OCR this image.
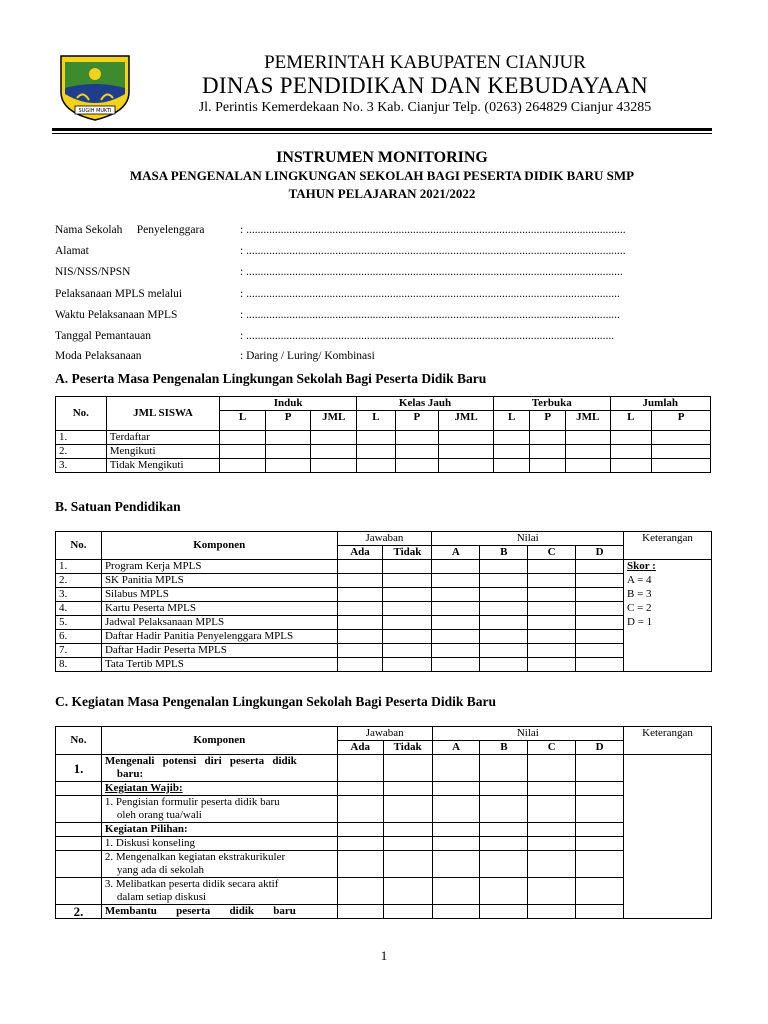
SUGIH MUKTI
PEMERINTAH KABUPATEN CIANJUR
DINAS PENDIDIKAN DAN KEBUDAYAAN
Jl. Perintis Kemerdekaan No. 3 Kab. Cianjur Telp. (0263) 264829 Cianjur 43285
INSTRUMEN MONITORING
MASA PENGENALAN LINGKUNGAN SEKOLAH BAGI PESERTA DIDIK BARU SMP
TAHUN PELAJARAN 2021/2022
Nama Sekolah     Penyelenggara	: ....................................................................................................................................
Alamat	: ....................................................................................................................................
NIS/NSS/NPSN	: ...................................................................................................................................
Pelaksanaan MPLS melalui	: ..................................................................................................................................
Waktu Pelaksanaan MPLS	: ..................................................................................................................................
Tanggal Pemantauan	: ................................................................................................................................
Moda Pelaksanaan	: Daring / Luring/ Kombinasi
A. Peserta Masa Pengenalan Lingkungan Sekolah Bagi Peserta Didik Baru
No.	JML SISWA	Induk			Kelas Jauh			Terbuka			Jumlah	
		L	P	JML	L	P	JML	L	P	JML	L	P
1.	Terdaftar											
2.	Mengikuti											
3.	Tidak Mengikuti											
B. Satuan Pendidikan
No.	Komponen	Jawaban		Nilai				Keterangan
		Ada	Tidak	A	B	C	D	
1.	Program Kerja MPLS							Skor :
2.	SK Panitia MPLS							A = 4
3.	Silabus MPLS							B = 3
4.	Kartu Peserta MPLS							C = 2
5.	Jadwal Pelaksanaan MPLS							D = 1
6.	Daftar Hadir Panitia Penyelenggara MPLS							
7.	Daftar Hadir Peserta MPLS							
8.	Tata Tertib MPLS							
C. Kegiatan Masa Pengenalan Lingkungan Sekolah Bagi Peserta Didik Baru
No.	Komponen	Jawaban		Nilai				Keterangan
		Ada	Tidak	A	B	C	D	
1.	Mengenali   potensi   diri   peserta   didik
baru:							

	Kegiatan Wajib:							

	1. Pengisian formulir peserta didik baru
oleh orang tua/wali							

	Kegiatan Pilihan:							
	1. Diskusi konseling							

	2. Mengenalkan kegiatan ekstrakurikuler
yang ada di sekolah							

	3. Melibatkan peserta didik secara aktif
dalam setiap diskusi							

2.	Membantu       peserta       didik       baru							
1
